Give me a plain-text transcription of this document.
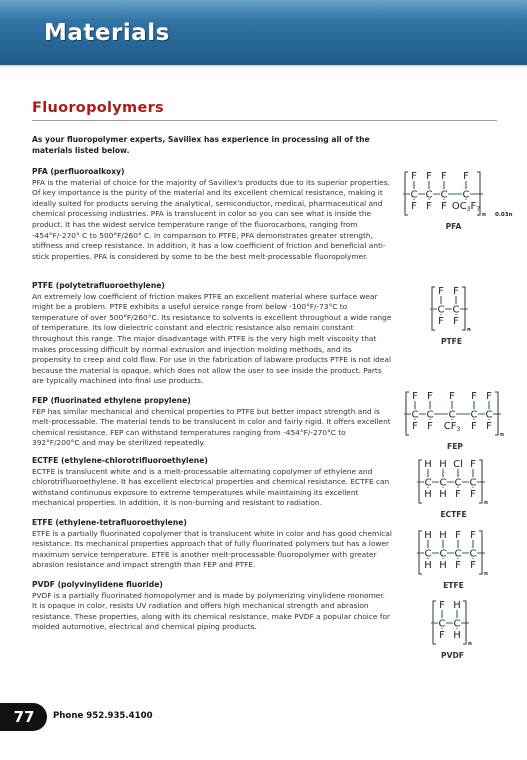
Materials
Fluoropolymers
As your fluoropolymer experts, Savillex has experience in processing all of the materials listed below.
PFA (perfluoroalkoxy)
PFA is the material of choice for the majority of Savillex's products due to its superior properties. Of key importance is the purity of the material and its excellent chemical resistance, making it ideally suited for products serving the analytical, semiconductor, medical, pharmaceutical and chemical processing industries. PFA is translucent in color so you can see what is inside the product. It has the widest service temperature range of the fluorocarbons, ranging from -454°F/-270° C to 500°F/260° C. In comparison to PTFE, PFA demonstrates greater strength, stiffness and creep resistance. In addition, it has a low coefficient of friction and beneficial anti-stick properties. PFA is considered by some to be the best melt-processable fluoropolymer.
PTFE (polytetrafluoroethylene)
An extremely low coefficient of friction makes PTFE an excellent material where surface wear might be a problem. PTFE exhibits a useful service range from below -100°F/-73°C to temperature of over 500°F/260°C. Its resistance to solvents is excellent throughout a wide range of temperature. Its low dielectric constant and electric resistance also remain constant throughout this range. The major disadvantage with PTFE is the very high melt viscosity that makes processing difficult by normal extrusion and injection molding methods, and its propensity to creep and cold flow. For use in the fabrication of labware products PTFE is not ideal because the material is opaque, which does not allow the user to see inside the product. Parts are typically machined into final use products.
FEP (fluorinated ethylene propylene)
FEP has similar mechanical and chemical properties to PTFE but better impact strength and is melt-processable. The material tends to be translucent in color and fairly rigid. It offers excellent chemical resistance. FEP can withstand temperatures ranging from -454°F/-270°C to 392°F/200°C and may be sterilized repeatedly.
ECTFE (ethylene-chlorotrifluoroethylene)
ECTFE is translucent white and is a melt-processable alternating copolymer of ethylene and chlorotrifluoroethylene. It has excellent electrical properties and chemical resistance. ECTFE can withstand continuous exposure to extreme temperatures while maintaining its excellent mechanical properties. In addition, it is non-burning and resistant to radiation.
ETFE (ethylene-tetrafluoroethylene)
ETFE is a partially fluorinated copolymer that is translucent white in color and has good chemical resistance. Its mechanical properties approach that of fully fluorinated polymers but has a lower maximum service temperature. ETFE is another melt-processable fluoropolymer with greater abrasion resistance and impact strength than FEP and PTFE.
PVDF (polyvinylidene fluoride)
PVDF is a partially fluorinated homopolymer and is made by polymerizing vinylidene monomer. It is opaque in color, resists UV radiation and offers high mechanical strength and abrasion resistance. These properties, along with its chemical resistance, make PVDF a popular choice for molded automotive, electrical and chemical piping products.
C
F
F
C
F
F
C
F
F
C
F
$OC_3F_7$
n 0.03n
PFA
C
F
F
C
F
F
n
PTFE
C
F
F
C
F
F
C
F
$CF_3$
C
F
F
C
F
F
n
FEP
C
H
H
C
H
H
C
Cl
F
C
F
F
n
ECTFE
C
H
H
C
H
H
C
F
F
C
F
F
n
ETFE
C
F
F
C
H
H
n
PVDF
77	Phone 952.935.4100
